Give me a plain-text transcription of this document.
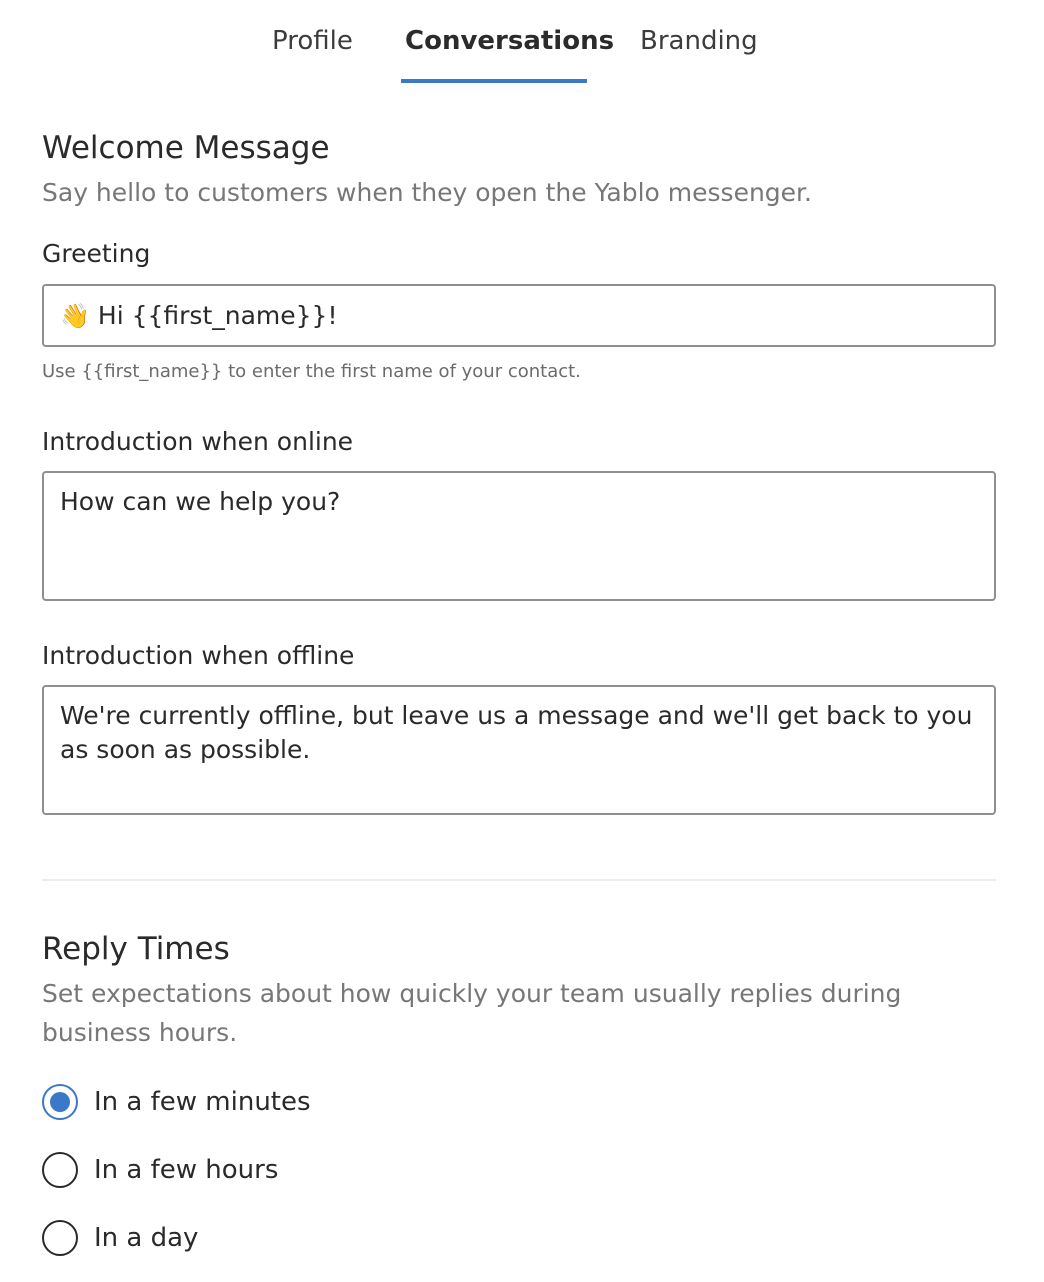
Profile Conversations Branding
Welcome Message
Say hello to customers when they open the Yablo messenger.
Greeting
👋 Hi {{first_name}}!
Use {{first_name}} to enter the first name of your contact.
Introduction when online
How can we help you?
Introduction when offline
We're currently offline, but leave us a message and we'll get back to you as soon as possible.
Reply Times
Set expectations about how quickly your team usually replies during business hours.
In a few minutes
In a few hours
In a day
